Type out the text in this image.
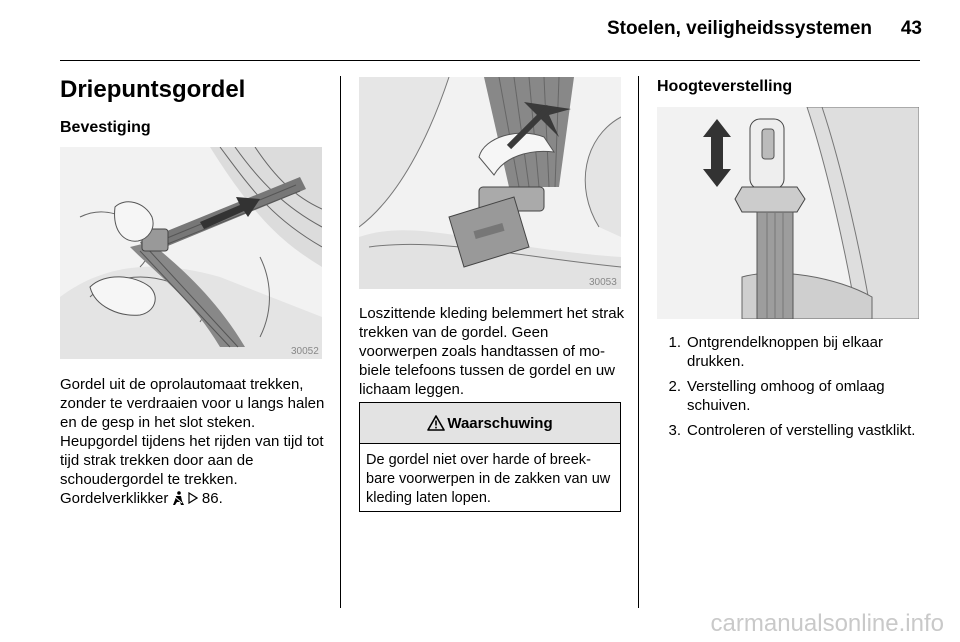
Stoelen, veiligheidssystemen 43
Driepuntsgordel
Bevestiging
30052

Gordel uit de oprolautomaat trekken, zonder te verdraaien voor u langs halen en de gesp in het slot steken. Heupgordel tijdens het rijden van tijd tot tijd strak trekken door aan de schoudergordel te trekken.

Gordelverklikker 86.

30053

Loszittende kleding belemmert het strak trekken van de gordel. Geen voorwerpen zoals handtassen of mobiele telefoons tussen de gordel en uw lichaam leggen.

Waarschuwing
De gordel niet over harde of breekbare voorwerpen in de zakken van uw kleding laten lopen.
Hoogteverstelling
1. Ontgrendelknoppen bij elkaar drukken.
2. Verstelling omhoog of omlaag schuiven.
3. Controleren of verstelling vastklikt.
carmanualsonline.info
